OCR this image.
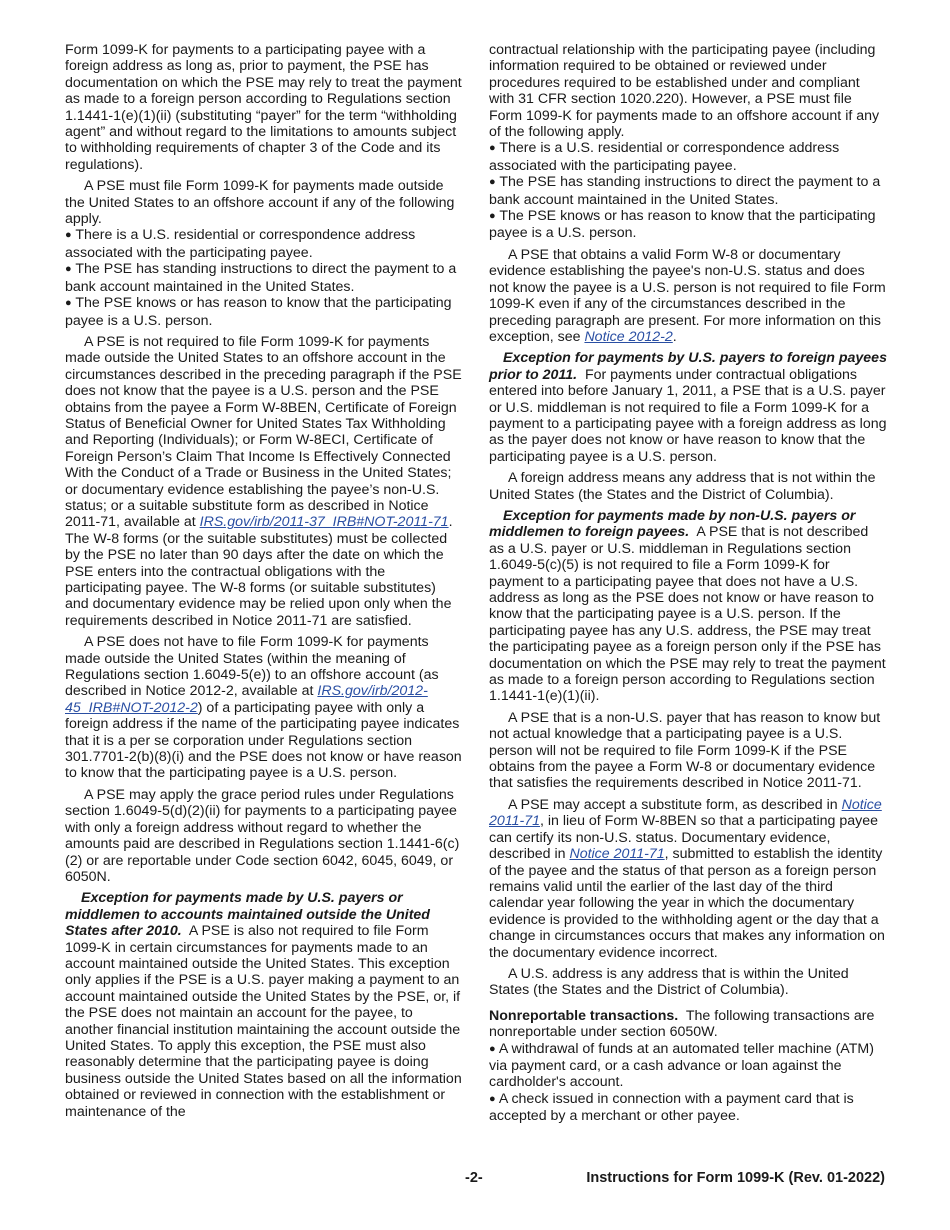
Form 1099-K for payments to a participating payee with a foreign address as long as, prior to payment, the PSE has documentation on which the PSE may rely to treat the payment as made to a foreign person according to Regulations section 1.1441-1(e)(1)(ii) (substituting “payer” for the term “withholding agent” and without regard to the limitations to amounts subject to withholding requirements of chapter 3 of the Code and its regulations).

A PSE must file Form 1099-K for payments made outside the United States to an offshore account if any of the following apply.

● There is a U.S. residential or correspondence address associated with the participating payee.

● The PSE has standing instructions to direct the payment to a bank account maintained in the United States.

● The PSE knows or has reason to know that the participating payee is a U.S. person.

A PSE is not required to file Form 1099-K for payments made outside the United States to an offshore account in the circumstances described in the preceding paragraph if the PSE does not know that the payee is a U.S. person and the PSE obtains from the payee a Form W-8BEN, Certificate of Foreign Status of Beneficial Owner for United States Tax Withholding and Reporting (Individuals); or Form W-8ECI, Certificate of Foreign Person’s Claim That Income Is Effectively Connected With the Conduct of a Trade or Business in the United States; or documentary evidence establishing the payee’s non-U.S. status; or a suitable substitute form as described in Notice 2011-71, available at IRS.gov/irb/2011-37_IRB#NOT-2011-71. The W-8 forms (or the suitable substitutes) must be collected by the PSE no later than 90 days after the date on which the PSE enters into the contractual obligations with the participating payee. The W-8 forms (or suitable substitutes) and documentary evidence may be relied upon only when the requirements described in Notice 2011-71 are satisfied.

A PSE does not have to file Form 1099-K for payments made outside the United States (within the meaning of Regulations section 1.6049-5(e)) to an offshore account (as described in Notice 2012-2, available at IRS.gov/irb/2012-45_IRB#NOT-2012-2) of a participating payee with only a foreign address if the name of the participating payee indicates that it is a per se corporation under Regulations section 301.7701-2(b)(8)(i) and the PSE does not know or have reason to know that the participating payee is a U.S. person.

A PSE may apply the grace period rules under Regulations section 1.6049-5(d)(2)(ii) for payments to a participating payee with only a foreign address without regard to whether the amounts paid are described in Regulations section 1.1441-6(c)(2) or are reportable under Code section 6042, 6045, 6049, or 6050N.

Exception for payments made by U.S. payers or middlemen to accounts maintained outside the United States after 2010. A PSE is also not required to file Form 1099-K in certain circumstances for payments made to an account maintained outside the United States. This exception only applies if the PSE is a U.S. payer making a payment to an account maintained outside the United States by the PSE, or, if the PSE does not maintain an account for the payee, to another financial institution maintaining the account outside the United States. To apply this exception, the PSE must also reasonably determine that the participating payee is doing business outside the United States based on all the information obtained or reviewed in connection with the establishment or maintenance of the

contractual relationship with the participating payee (including information required to be obtained or reviewed under procedures required to be established under and compliant with 31 CFR section 1020.220). However, a PSE must file Form 1099-K for payments made to an offshore account if any of the following apply.

● There is a U.S. residential or correspondence address associated with the participating payee.

● The PSE has standing instructions to direct the payment to a bank account maintained in the United States.

● The PSE knows or has reason to know that the participating payee is a U.S. person.

A PSE that obtains a valid Form W-8 or documentary evidence establishing the payee's non-U.S. status and does not know the payee is a U.S. person is not required to file Form 1099-K even if any of the circumstances described in the preceding paragraph are present. For more information on this exception, see Notice 2012-2.

Exception for payments by U.S. payers to foreign payees prior to 2011. For payments under contractual obligations entered into before January 1, 2011, a PSE that is a U.S. payer or U.S. middleman is not required to file a Form 1099-K for a payment to a participating payee with a foreign address as long as the payer does not know or have reason to know that the participating payee is a U.S. person.

A foreign address means any address that is not within the United States (the States and the District of Columbia).

Exception for payments made by non-U.S. payers or middlemen to foreign payees. A PSE that is not described as a U.S. payer or U.S. middleman in Regulations section 1.6049-5(c)(5) is not required to file a Form 1099-K for payment to a participating payee that does not have a U.S. address as long as the PSE does not know or have reason to know that the participating payee is a U.S. person. If the participating payee has any U.S. address, the PSE may treat the participating payee as a foreign person only if the PSE has documentation on which the PSE may rely to treat the payment as made to a foreign person according to Regulations section 1.1441-1(e)(1)(ii).

A PSE that is a non-U.S. payer that has reason to know but not actual knowledge that a participating payee is a U.S. person will not be required to file Form 1099-K if the PSE obtains from the payee a Form W-8 or documentary evidence that satisfies the requirements described in Notice 2011-71.

A PSE may accept a substitute form, as described in Notice 2011-71, in lieu of Form W-8BEN so that a participating payee can certify its non-U.S. status. Documentary evidence, described in Notice 2011-71, submitted to establish the identity of the payee and the status of that person as a foreign person remains valid until the earlier of the last day of the third calendar year following the year in which the documentary evidence is provided to the withholding agent or the day that a change in circumstances occurs that makes any information on the documentary evidence incorrect.

A U.S. address is any address that is within the United States (the States and the District of Columbia).

Nonreportable transactions. The following transactions are nonreportable under section 6050W.

● A withdrawal of funds at an automated teller machine (ATM) via payment card, or a cash advance or loan against the cardholder's account.

● A check issued in connection with a payment card that is accepted by a merchant or other payee.

-2-	Instructions for Form 1099-K (Rev. 01-2022)
